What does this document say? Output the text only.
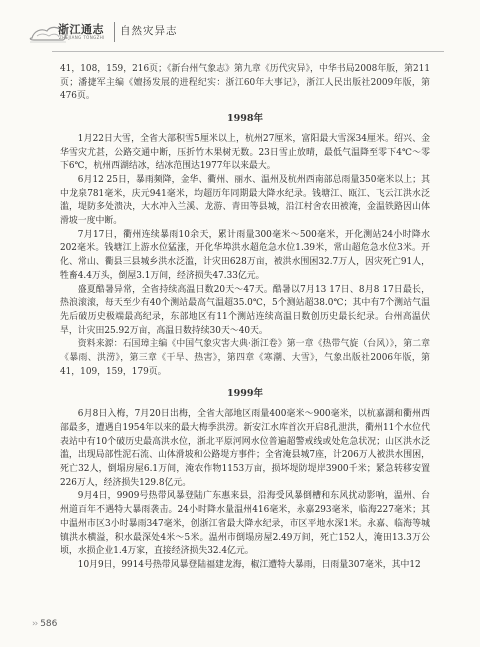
浙江通志
ZHEJIANG TONGZHI
自然灾异志

41，108，159，216页；《新台州气象志》第九章《历代灾异》，中华书局2008年版，第211页；潘捷军主编《嬗扬发展的进程纪实：浙江60年大事记》，浙江人民出版社2009年版，第476页。

1998年

1月22日大雪，全省大部积雪5厘米以上，杭州27厘米，富阳最大雪深34厘米。绍兴、金华雪灾尤甚，公路交通中断，压折竹木果树无数。23日雪止放晴，最低气温降至零下4℃～零下6℃，杭州西湖结冰，结冰范围达1977年以来最大。

6月12 25日，暴雨频降，金华、衢州、丽水、温州及杭州西南部总雨量350毫米以上；其中龙泉781毫米，庆元941毫米，均超历年同期最大降水纪录。钱塘江、瓯江、飞云江洪水泛滥，堤防多处溃决，大水冲入兰溪、龙游、青田等县城，沿江村舍农田被淹，金温铁路因山体滑坡一度中断。

7月17日，衢州连续暴雨10余天，累计雨量300毫米～500毫米，开化测站24小时降水202毫米。钱塘江上游水位猛涨，开化华埠洪水超危急水位1.39米，常山超危急水位3米。开化、常山、衢县三县城乡洪水泛滥，计灾田628万亩，被洪水围困32.7万人，因灾死亡91人，牲畜4.4万头，倒屋3.1万间，经济损失47.33亿元。

盛夏酷暑异常，全省持续高温日数20天～47天。酷暑以7月13 17日、8月8 17日最长，热浪滚滚，每天至少有40个测站最高气温超35.0℃，5个测站超38.0℃；其中有7个测站气温先后破历史极端最高纪录，东部地区有11个测站连续高温日数创历史最长纪录。台州高温伏旱，计灾田25.92万亩，高温日数持续30天～40天。

资料来源：石国璋主编《中国气象灾害大典·浙江卷》第一章《热带气旋（台风）》，第二章《暴雨、洪涝》，第三章《干旱、热害》，第四章《寒潮、大雪》，气象出版社2006年版，第41，109，159，179页。

1999年

6月8日入梅，7月20日出梅，全省大部地区雨量400毫米～900毫米，以杭嘉湖和衢州西部最多，遭遇自1954年以来的最大梅季洪涝。新安江水库首次开启8孔泄洪，衢州11个水位代表站中有10个破历史最高洪水位，浙北平原河网水位普遍超警戒线或处危急状况；山区洪水泛滥，出现局部性泥石流、山体滑坡和公路堤方事件；全省淹县城7座，计206万人被洪水围困，死亡32人，倒塌房屋6.1万间，淹农作物1153万亩，损坏堤防堤岸3900千米；紧急转移安置226万人，经济损失129.8亿元。

9月4日，9909号热带风暴登陆广东惠来县，沿海受风暴倒槽和东风扰动影响，温州、台州道百年不遇特大暴雨袭击。24小时降水量温州416毫米，永嘉293毫米，临海227毫米；其中温州市区3小时暴雨347毫米，创浙江省最大降水纪录，市区平地水深1米。永嘉、临海等城镇洪水横溢，积水最深处4米～5米。温州市倒塌房屋2.49万间，死亡152人，淹田13.3万公顷，水损企业1.4万家，直接经济损失32.4亿元。

10月9日，9914号热带风暴登陆福建龙海，椒江遭特大暴雨，日雨量307毫米，其中12

›› 586
